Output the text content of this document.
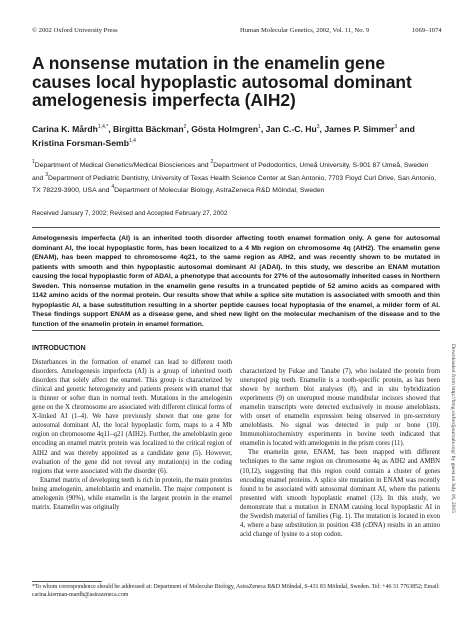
© 2002 Oxford University Press	Human Molecular Genetics, 2002, Vol. 11, No. 9	1069–1074
A nonsense mutation in the enamelin gene causes local hypoplastic autosomal dominant amelogenesis imperfecta (AIH2)
Carina K. Mårdh$^{1,4,*}$, Birgitta Bäckman$^2$, Gösta Holmgren$^1$, Jan C.-C. Hu$^3$, James P. Simmer$^3$ and Kristina Forsman-Semb$^{1,4}$
$^1$Department of Medical Genetics/Medical Biosciences and $^2$Department of Pedodontics, Umeå University, S-901 87 Umeå, Sweden and $^3$Department of Pediatric Dentistry, University of Texas Health Science Center at San Antonio, 7703 Floyd Curl Drive, San Antonio, TX 78229-3900, USA and $^4$Department of Molecular Biology, AstraZeneca R&D Mölndal, Sweden
Received January 7, 2002; Revised and Accepted February 27, 2002

Amelogenesis imperfecta (AI) is an inherited tooth disorder affecting tooth enamel formation only. A gene for autosomal dominant AI, the local hypoplastic form, has been localized to a 4 Mb region on chromosome 4q (AIH2). The enamelin gene (ENAM), has been mapped to chromosome 4q21, to the same region as AIH2, and was recently shown to be mutated in patients with smooth and thin hypoplastic autosomal dominant AI (ADAI). In this study, we describe an ENAM mutation causing the local hypoplastic form of ADAI, a phenotype that accounts for 27% of the autosomally inherited cases in Northern Sweden. This nonsense mutation in the enamelin gene results in a truncated peptide of 52 amino acids as compared with 1142 amino acids of the normal protein. Our results show that while a splice site mutation is associated with smooth and thin hypoplastic AI, a base substitution resulting in a shorter peptide causes local hypoplasia of the enamel, a milder form of AI. These findings support ENAM as a disease gene, and shed new light on the molecular mechanism of the disease and to the function of the enamelin protein in enamel formation.

INTRODUCTION

Disturbances in the formation of enamel can lead to different tooth disorders. Amelogenesis imperfecta (AI) is a group of inherited tooth disorders that solely affect the enamel. This group is characterized by clinical and genetic heterogeneity and patients present with enamel that is thinner or softer than in normal teeth. Mutations in the amelogenin gene on the X chromosome are associated with different clinical forms of X-linked AI (1–4). We have previously shown that one gene for autosomal dominant AI, the local hypoplastic form, maps to a 4 Mb region on chromosome 4q11–q21 (AIH2). Further, the ameloblastin gene encoding an enamel matrix protein was localized to the critical region of AIH2 and was thereby appointed as a candidate gene (5). However, evaluation of the gene did not reveal any mutation(s) in the coding regions that were associated with the disorder (6).

Enamel matrix of developing teeth is rich in protein, the main proteins being amelogenin, ameloblastin and enamelin. The major component is amelogenin (90%), while enamelin is the largest protein in the enamel matrix. Enamelin was originally

characterized by Fukae and Tanabe (7), who isolated the protein from unerupted pig teeth. Enamelin is a tooth-specific protein, as has been shown by northern blot analyses (8), and in situ hybridization experiments (9) on unerupted mouse mandibular incisors showed that enamelin transcripts were detected exclusively in mouse ameloblasts, with onset of enamelin expression being observed in pre-secretory ameloblasts. No signal was detected in pulp or bone (10). Immunohistochemistry experiments in bovine teeth indicated that enamelin is located with amelogenin in the prism cores (11).

The enamelin gene, ENAM, has been mapped with different techniques to the same region on chromosome 4q as AIH2 and AMBN (10,12), suggesting that this region could contain a cluster of genes encoding enamel proteins. A splice site mutation in ENAM was recently found to be associated with autosomal dominant AI, where the patients presented with smooth hypoplastic enamel (13). In this study, we demonstrate that a mutation in ENAM causing local hypoplastic AI in the Swedish material of families (Fig. 1). The mutation is located in exon 4, where a base substitution in position 438 (cDNA) results in an amino acid change of lysine to a stop codon.

*To whom correspondence should be addressed at: Department of Molecular Biology, AstraZeneca R&D Mölndal, S-431 83 Mölndal, Sweden. Tel: +46 31 7763852; Email: carina.kierman-mardh@astrazeneca.com
Downloaded from http://hmg.oxfordjournals.org/ by guest on July 16, 2015
